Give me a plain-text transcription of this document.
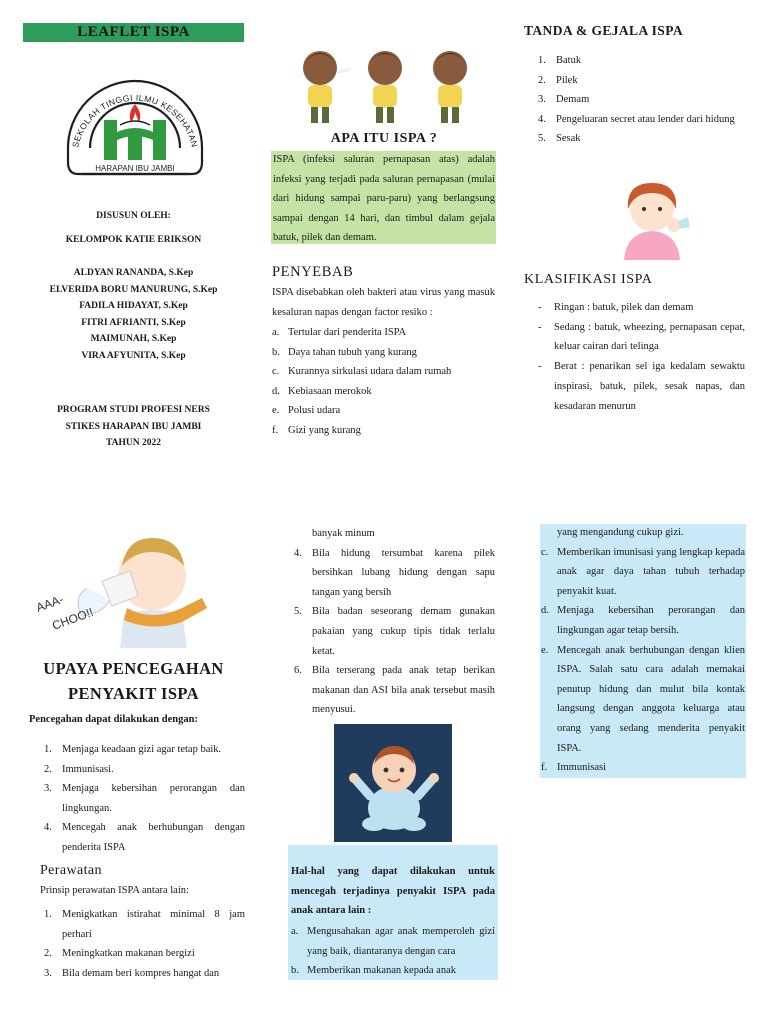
LEAFLET ISPA
SEKOLAH TINGGI ILMU KESEHATAN
HARAPAN IBU JAMBI
DISUSUN OLEH:
KELOMPOK KATIE ERIKSON
ALDYAN RANANDA, S.Kep
ELVERIDA BORU MANURUNG, S.Kep
FADILA HIDAYAT, S.Kep
FITRI AFRIANTI, S.Kep
MAIMUNAH, S.Kep
VIRA AFYUNITA, S.Kep
PROGRAM STUDI PROFESI NERS
STIKES HARAPAN IBU JAMBI
TAHUN 2022
APA ITU ISPA ?
ISPA (infeksi saluran pernapasan atas) adalah infeksi yang terjadi pada saluran pernapasan (mulai dari hidung sampai paru-paru) yang berlangsung sampai dengan 14 hari, dan timbul dalam gejala batuk, pilek dan demam.
PENYEBAB
ISPA disebabkan oleh bakteri atau virus yang masuk kesaluran napas dengan factor resiko :
a. Tertular dari penderita ISPA
b. Daya tahan tubuh yang kurang
c. Kurannya sirkulasi udara dalam rumah
d. Kebiasaan merokok
e. Polusi udara
f. Gizi yang kurang
TANDA & GEJALA ISPA
1. Batuk
2. Pilek
3. Demam
4. Pengeluaran secret atau lender dari hidung
5. Sesak
KLASIFIKASI ISPA
- Ringan : batuk, pilek dan demam
- Sedang : batuk, wheezing, pernapasan cepat, keluar cairan dari telinga
- Berat : penarikan sel iga kedalam sewaktu inspirasi, batuk, pilek, sesak napas, dan kesadaran menurun
AAA-
CHOO!!
UPAYA PENCEGAHAN PENYAKIT ISPA
Pencegahan dapat dilakukan dengan:
1. Menjaga keadaan gizi agar tetap baik.
2. Immunisasi.
3. Menjaga kebersihan perorangan dan lingkungan.
4. Mencegah anak berhubungan dengan penderita ISPA
Perawatan
Prinsip perawatan ISPA antara lain:
1. Menigkatkan istirahat minimal 8 jam perhari
2. Meningkatkan makanan bergizi
3. Bila demam beri kompres hangat dan
banyak minum
4. Bila hidung tersumbat karena pilek bersihkan lubang hidung dengan sapu tangan yang bersih
5. Bila badan seseorang demam gunakan pakaian yang cukup tipis tidak terlalu ketat.
6. Bila terserang pada anak tetap berikan makanan dan ASI bila anak tersebut masih menyusui.
Hal-hal yang dapat dilakukan untuk mencegah terjadinya penyakit ISPA pada anak antara lain :
a. Mengusahakan agar anak memperoleh gizi yang baik, diantaranya dengan cara
b. Memberikan makanan kepada anak
yang mengandung cukup gizi.
c. Memberikan imunisasi yang lengkap kepada anak agar daya tahan tubuh terhadap penyakit kuat.
d. Menjaga kebersihan perorangan dan lingkungan agar tetap bersih.
e. Mencegah anak berhubungan dengan klien ISPA. Salah satu cara adalah memakai penutup hidung dan mulut bila kontak langsung dengan anggota keluarga atau orang yang sedang menderita penyakit ISPA.
f. Immunisasi
